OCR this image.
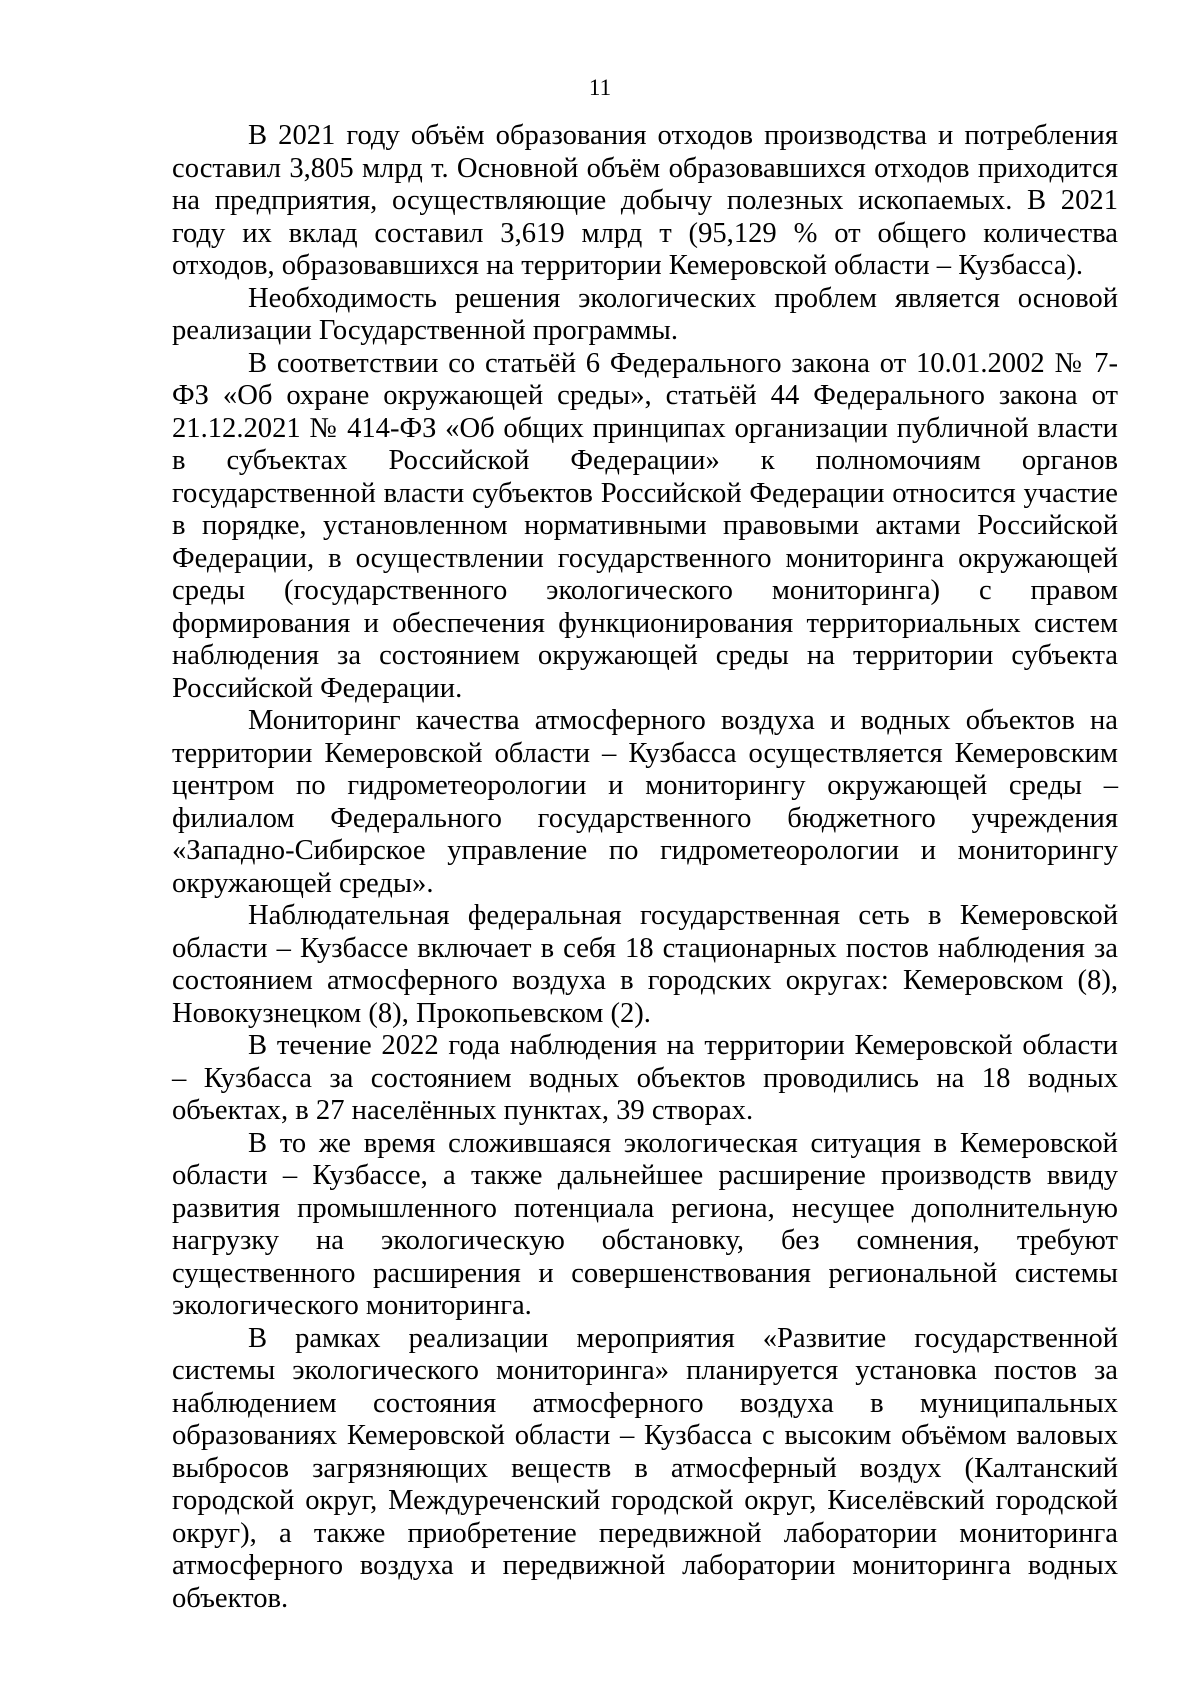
11

В 2021 году объём образования отходов производства и потребления составил 3,805 млрд т. Основной объём образовавшихся отходов приходится на предприятия, осуществляющие добычу полезных ископаемых. В 2021 году их вклад составил 3,619 млрд т (95,129 % от общего количества отходов, образовавшихся на территории Кемеровской области – Кузбасса).

Необходимость решения экологических проблем является основой реализации Государственной программы.

В соответствии со статьёй 6 Федерального закона от 10.01.2002 № 7-ФЗ «Об охране окружающей среды», статьёй 44 Федерального закона от 21.12.2021 № 414-ФЗ «Об общих принципах организации публичной власти в субъектах Российской Федерации» к полномочиям органов государственной власти субъектов Российской Федерации относится участие в порядке, установленном нормативными правовыми актами Российской Федерации, в осуществлении государственного мониторинга окружающей среды (государственного экологического мониторинга) с правом формирования и обеспечения функционирования территориальных систем наблюдения за состоянием окружающей среды на территории субъекта Российской Федерации.

Мониторинг качества атмосферного воздуха и водных объектов на территории Кемеровской области – Кузбасса осуществляется Кемеровским центром по гидрометеорологии и мониторингу окружающей среды – филиалом Федерального государственного бюджетного учреждения «Западно-Сибирское управление по гидрометеорологии и мониторингу окружающей среды».

Наблюдательная федеральная государственная сеть в Кемеровской области – Кузбассе включает в себя 18 стационарных постов наблюдения за состоянием атмосферного воздуха в городских округах: Кемеровском (8), Новокузнецком (8), Прокопьевском (2).

В течение 2022 года наблюдения на территории Кемеровской области – Кузбасса за состоянием водных объектов проводились на 18 водных объектах, в 27 населённых пунктах, 39 створах.

В то же время сложившаяся экологическая ситуация в Кемеровской области – Кузбассе, а также дальнейшее расширение производств ввиду развития промышленного потенциала региона, несущее дополнительную нагрузку на экологическую обстановку, без сомнения, требуют существенного расширения и совершенствования региональной системы экологического мониторинга.

В рамках реализации мероприятия «Развитие государственной системы экологического мониторинга» планируется установка постов за наблюдением состояния атмосферного воздуха в муниципальных образованиях Кемеровской области – Кузбасса с высоким объёмом валовых выбросов загрязняющих веществ в атмосферный воздух (Калтанский городской округ, Междуреченский городской округ, Киселёвский городской округ), а также приобретение передвижной лаборатории мониторинга атмосферного воздуха и передвижной лаборатории мониторинга водных объектов.
